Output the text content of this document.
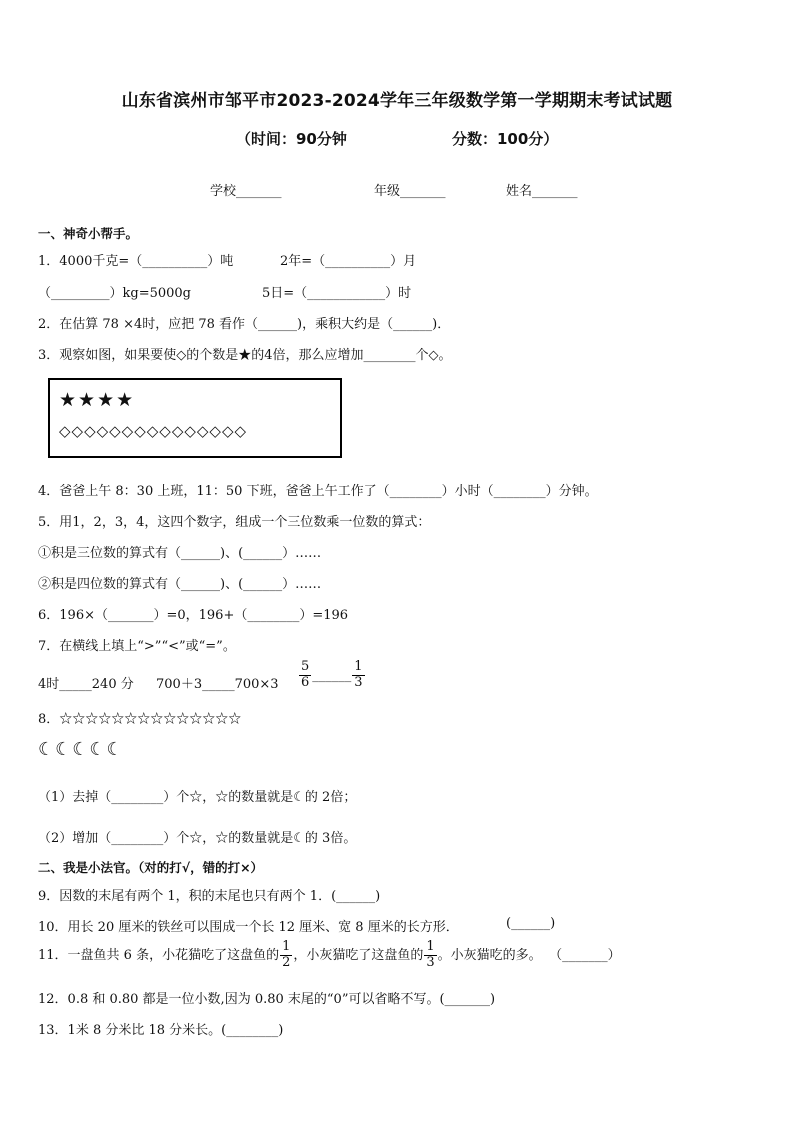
山东省滨州市邹平市2023-2024学年三年级数学第一学期期末考试试题
（时间：90分钟	分数：100分）
学校_______	年级_______	姓名_______
一、神奇小帮手。
1．4000千克=（__________）吨	2年=（__________）月
（_________）kg=5000g	5日=（____________）时
2．在估算 78 ×4时，应把 78 看作（______)，乘积大约是（______)．
3．观察如图，如果要使◇的个数是★的4倍，那么应增加________个◇。
★★★★
◇◇◇◇◇◇◇◇◇◇◇◇◇◇◇
4．爸爸上午 8：30 上班，11：50 下班，爸爸上午工作了（________）小时（________）分钟。
5．用1，2，3，4，这四个数字，组成一个三位数乘一位数的算式：
①积是三位数的算式有（______)、(______）……
②积是四位数的算式有（______)、(______）……
6．196×（_______）=0，196+（________）=196
7．在横线上填上“>”“<”或“=”。
4时_____240 分 700＋3_____700×3 $\frac{5}{6}$ ______ $\frac{1}{3}$
8．☆☆☆☆☆☆☆☆☆☆☆☆☆☆
☾☾☾☾☾
（1）去掉（________）个☆，☆的数量就是☾的 2倍；
（2）增加（________）个☆，☆的数量就是☾的 3倍。
二、我是小法官。（对的打√，错的打×）
9．因数的末尾有两个 1，积的末尾也只有两个 1．(______)
10．用长 20 厘米的铁丝可以围成一个长 12 厘米、宽 8 厘米的长方形．	(______)
11．一盘鱼共 6 条，小花猫吃了这盘鱼的 $\frac{1}{2}$ ，小灰猫吃了这盘鱼的 $\frac{1}{3}$ 。小灰猫吃的多。 （_______）
12．0.8 和 0.80 都是一位小数,因为 0.80 末尾的“0”可以省略不写。(_______)
13．1米 8 分米比 18 分米长。(________)
